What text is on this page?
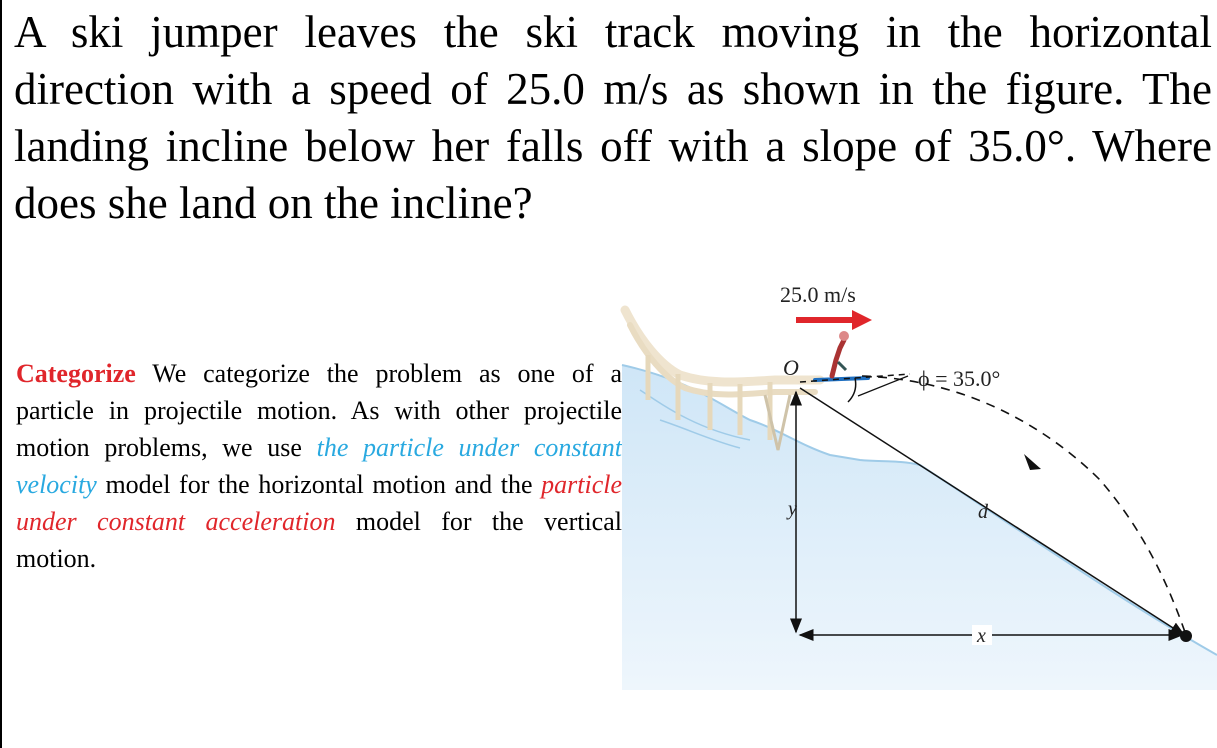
A ski jumper leaves the ski track moving in the horizontal direction with a speed of 25.0 m/s as shown in the figure. The landing incline below her falls off with a slope of 35.0°. Where does she land on the incline?

Categorize We categorize the problem as one of a particle in projectile motion. As with other projectile motion problems, we use the particle under constant velocity model for the horizontal motion and the particle under constant acceleration model for the vertical motion.

25.0 m/s
O	ϕ = 35.0°
y
x
d
